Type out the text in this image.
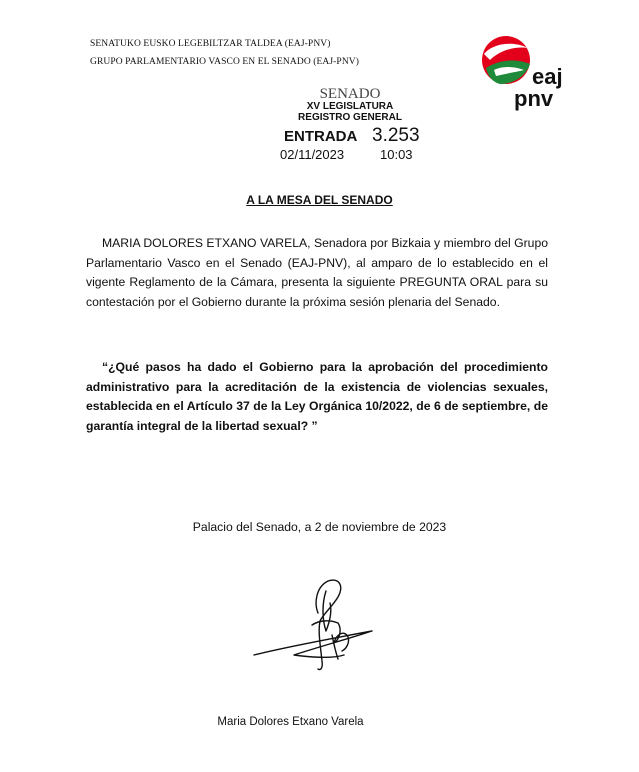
SENATUKO EUSKO LEGEBILTZAR TALDEA (EAJ-PNV)
GRUPO PARLAMENTARIO VASCO EN EL SENADO (EAJ-PNV)
eaj
pnv
SENADO
XV LEGISLATURA
REGISTRO GENERAL
ENTRADA 3.253
02/11/2023	10:03
A LA MESA DEL SENADO
MARIA DOLORES ETXANO VARELA, Senadora por Bizkaia y miembro del Grupo Parlamentario Vasco en el Senado (EAJ-PNV), al amparo de lo establecido en el vigente Reglamento de la Cámara, presenta la siguiente PREGUNTA ORAL para su contestación por el Gobierno durante la próxima sesión plenaria del Senado.
“¿Qué pasos ha dado el Gobierno para la aprobación del procedimiento administrativo para la acreditación de la existencia de violencias sexuales, establecida en el Artículo 37 de la Ley Orgánica 10/2022, de 6 de septiembre, de garantía integral de la libertad sexual? ”
Palacio del Senado, a 2 de noviembre de 2023
Maria Dolores Etxano Varela
